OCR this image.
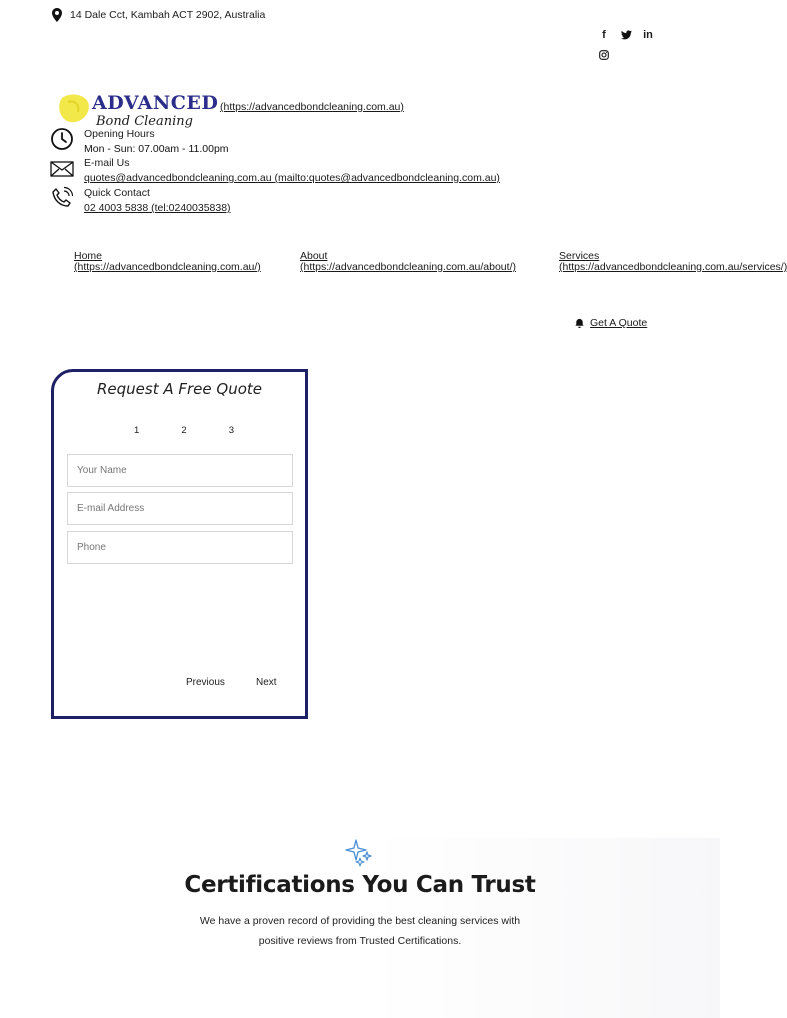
14 Dale Cct, Kambah ACT 2902, Australia
f	in
ADVANCED
Bond Cleaning
(https://advancedbondcleaning.com.au)
Opening Hours
Mon - Sun: 07.00am - 11.00pm
E-mail Us
quotes@advancedbondcleaning.com.au (mailto:quotes@advancedbondcleaning.com.au)
Quick Contact
02 4003 5838 (tel:0240035838)
Home
(https://advancedbondcleaning.com.au/)
About
(https://advancedbondcleaning.com.au/about/)
Services
(https://advancedbondcleaning.com.au/services/)
Get A Quote
Request A Free Quote
1	2	3
Your Name
E-mail Address
Phone
Previous	Next
Certifications You Can Trust
We have a proven record of providing the best cleaning services with
positive reviews from Trusted Certifications.
